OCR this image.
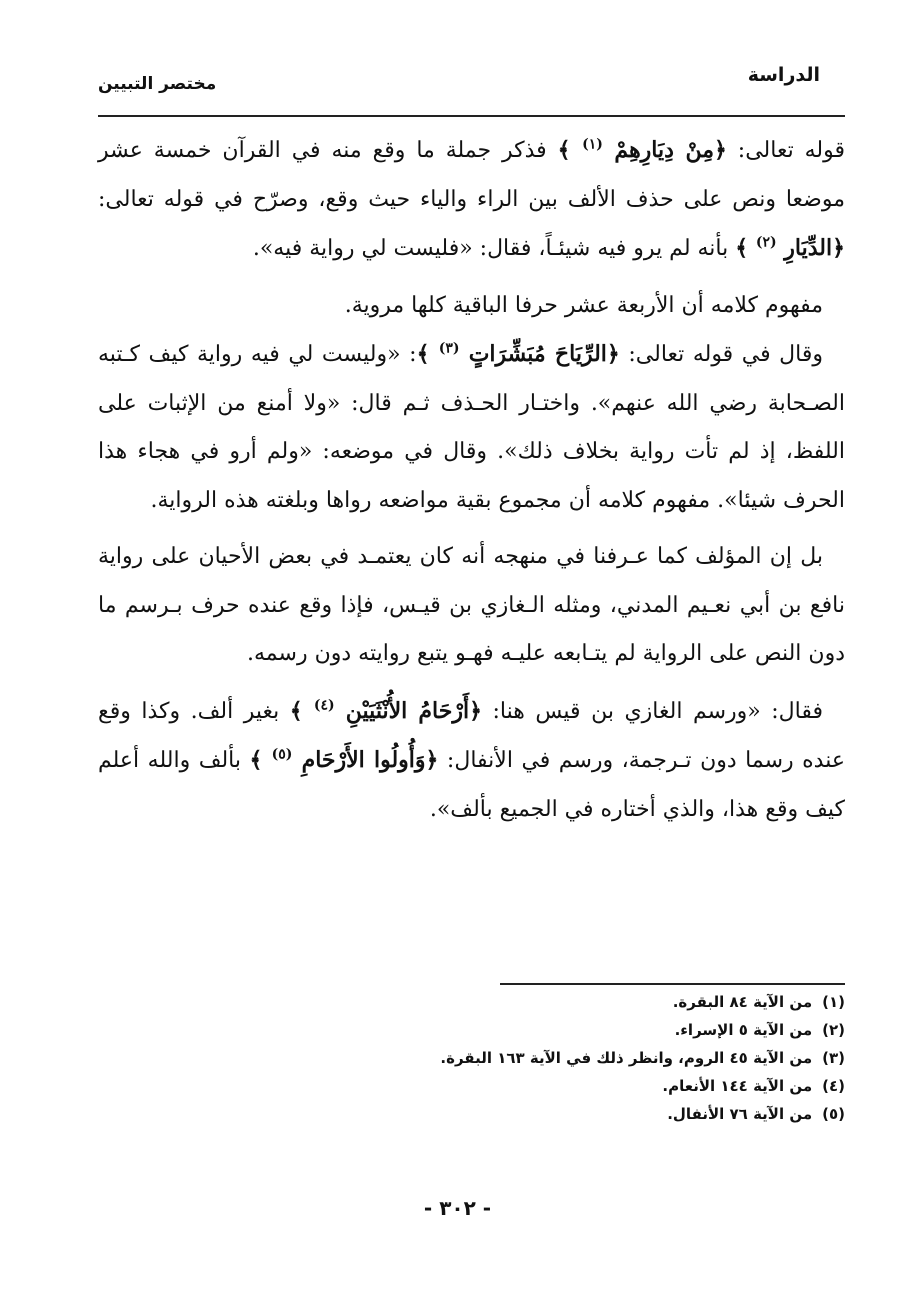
الدراسة
مختصر التبيين

قوله تعالى: ﴿مِنْ دِيَارِهِمْ $^{(١)}$ ﴾ فذكر جملة ما وقع منه في القرآن خمسة عشر موضعا ونص على حذف الألف بين الراء والياء حيث وقع، وصرّح في قوله تعالى: ﴿الدِّيَارِ $^{(٢)}$ ﴾ بأنه لم يرو فيه شيئـاً، فقال: «فليست لي رواية فيه».

مفهوم كلامه أن الأربعة عشر حرفا الباقية كلها مروية.

وقال في قوله تعالى: ﴿الرِّيَاحَ مُبَشِّرَاتٍ $^{(٣)}$ ﴾: «وليست لي فيه رواية كيف كـتبه الصـحابة رضي الله عنهم». واختـار الحـذف ثـم قال: «ولا أمنع من الإثبات على اللفظ، إذ لم تأت رواية بخلاف ذلك». وقال في موضعه: «ولم أرو في هجاء هذا الحرف شيئا». مفهوم كلامه أن مجموع بقية مواضعه رواها وبلغته هذه الرواية.

بل إن المؤلف كما عـرفنا في منهجه أنه كان يعتمـد في بعض الأحيان على رواية نافع بن أبي نعـيم المدني، ومثله الـغازي بن قيـس، فإذا وقع عنده حرف بـرسم ما دون النص على الرواية لم يتـابعه عليـه فهـو يتبع روايته دون رسمه.

فقال: «ورسم الغازي بن قيس هنا: ﴿أَرْحَامُ الأُنْثَيَيْنِ $^{(٤)}$ ﴾ بغير ألف. وكذا وقع عنده رسما دون تـرجمة، ورسم في الأنفال: ﴿وَأُولُوا الأَرْحَامِ $^{(٥)}$ ﴾ بألف والله أعلم كيف وقع هذا، والذي أختاره في الجميع بألف».

(١)من الآية ٨٤ البقرة.

(٢)من الآية ٥ الإسراء.

(٣)من الآية ٤٥ الروم، وانظر ذلك في الآية ١٦٣ البقرة.

(٤)من الآية ١٤٤ الأنعام.

(٥)من الآية ٧٦ الأنفال.

- ٣٠٢ -
